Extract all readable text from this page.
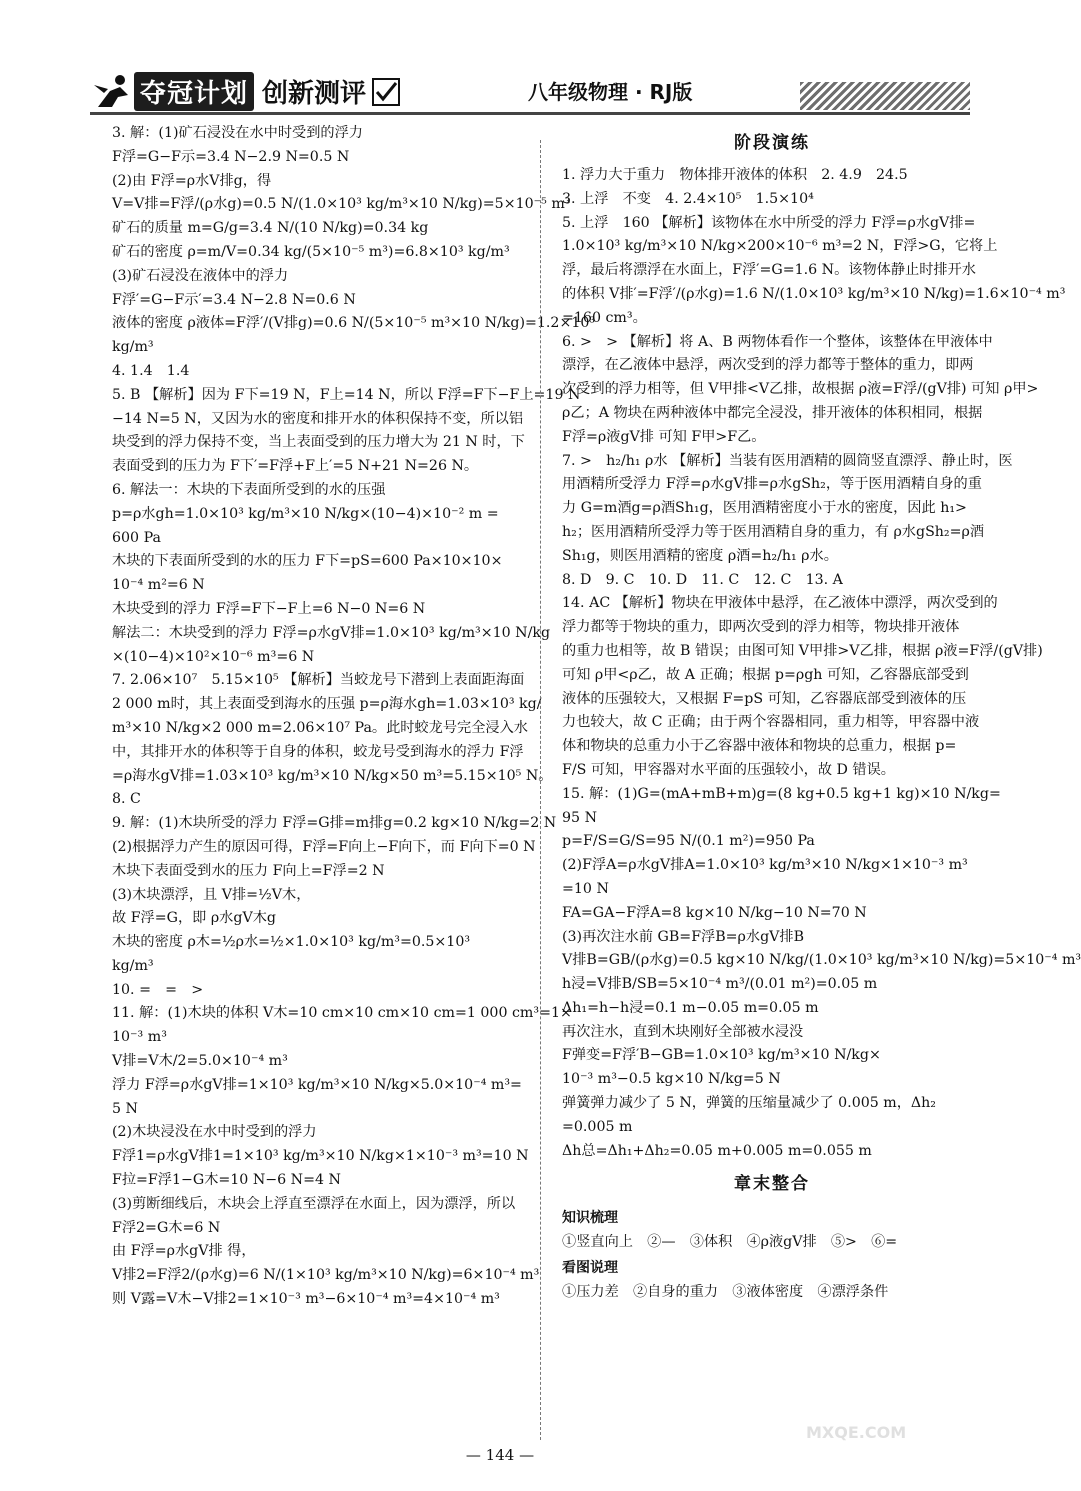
夺冠计划 创新测评	八年级物理 · RJ版
3. 解：(1)矿石浸没在水中时受到的浮力
F浮=G−F示=3.4 N−2.9 N=0.5 N
(2)由 F浮=ρ水V排g，得
V=V排=F浮/(ρ水g)=0.5 N/(1.0×10³ kg/m³×10 N/kg)=5×10⁻⁵ m³
矿石的质量 m=G/g=3.4 N/(10 N/kg)=0.34 kg
矿石的密度 ρ=m/V=0.34 kg/(5×10⁻⁵ m³)=6.8×10³ kg/m³
(3)矿石浸没在液体中的浮力
F浮′=G−F示′=3.4 N−2.8 N=0.6 N
液体的密度 ρ液体=F浮′/(V排g)=0.6 N/(5×10⁻⁵ m³×10 N/kg)=1.2×10³
kg/m³
4. 1.4　1.4
5. B 【解析】因为 F下=19 N，F上=14 N，所以 F浮=F下−F上=19 N
−14 N=5 N，又因为水的密度和排开水的体积保持不变，所以铝
块受到的浮力保持不变，当上表面受到的压力增大为 21 N 时，下
表面受到的压力为 F下′=F浮+F上′=5 N+21 N=26 N。
6. 解法一：木块的下表面所受到的水的压强
p=ρ水gh=1.0×10³ kg/m³×10 N/kg×(10−4)×10⁻² m =
600 Pa
木块的下表面所受到的水的压力 F下=pS=600 Pa×10×10×
10⁻⁴ m²=6 N
木块受到的浮力 F浮=F下−F上=6 N−0 N=6 N
解法二：木块受到的浮力 F浮=ρ水gV排=1.0×10³ kg/m³×10 N/kg
×(10−4)×10²×10⁻⁶ m³=6 N
7. 2.06×10⁷　5.15×10⁵ 【解析】当蛟龙号下潜到上表面距海面
2 000 m时，其上表面受到海水的压强 p=ρ海水gh=1.03×10³ kg/
m³×10 N/kg×2 000 m=2.06×10⁷ Pa。此时蛟龙号完全浸入水
中，其排开水的体积等于自身的体积，蛟龙号受到海水的浮力 F浮
=ρ海水gV排=1.03×10³ kg/m³×10 N/kg×50 m³=5.15×10⁵ N。
8. C
9. 解：(1)木块所受的浮力 F浮=G排=m排g=0.2 kg×10 N/kg=2 N
(2)根据浮力产生的原因可得，F浮=F向上−F向下，而 F向下=0 N
木块下表面受到水的压力 F向上=F浮=2 N
(3)木块漂浮，且 V排=½V木，
故 F浮=G，即 ρ水gV木g
木块的密度 ρ木=½ρ水=½×1.0×10³ kg/m³=0.5×10³
kg/m³
10. =　=　>
11. 解：(1)木块的体积 V木=10 cm×10 cm×10 cm=1 000 cm³=1×
10⁻³ m³
V排=V木/2=5.0×10⁻⁴ m³
浮力 F浮=ρ水gV排=1×10³ kg/m³×10 N/kg×5.0×10⁻⁴ m³=
5 N
(2)木块浸没在水中时受到的浮力
F浮1=ρ水gV排1=1×10³ kg/m³×10 N/kg×1×10⁻³ m³=10 N
F拉=F浮1−G木=10 N−6 N=4 N
(3)剪断细线后，木块会上浮直至漂浮在水面上，因为漂浮，所以
F浮2=G木=6 N
由 F浮=ρ水gV排 得，
V排2=F浮2/(ρ水g)=6 N/(1×10³ kg/m³×10 N/kg)=6×10⁻⁴ m³
则 V露=V木−V排2=1×10⁻³ m³−6×10⁻⁴ m³=4×10⁻⁴ m³
阶段演练
1. 浮力大于重力　物体排开液体的体积　2. 4.9　24.5
3. 上浮　不变　4. 2.4×10⁵　1.5×10⁴
5. 上浮　160 【解析】该物体在水中所受的浮力 F浮=ρ水gV排=
1.0×10³ kg/m³×10 N/kg×200×10⁻⁶ m³=2 N，F浮>G，它将上
浮，最后将漂浮在水面上，F浮′=G=1.6 N。该物体静止时排开水
的体积 V排′=F浮′/(ρ水g)=1.6 N/(1.0×10³ kg/m³×10 N/kg)=1.6×10⁻⁴ m³
=160 cm³。
6. >　> 【解析】将 A、B 两物体看作一个整体，该整体在甲液体中
漂浮，在乙液体中悬浮，两次受到的浮力都等于整体的重力，即两
次受到的浮力相等，但 V甲排<V乙排，故根据 ρ液=F浮/(gV排) 可知 ρ甲>
ρ乙；A 物块在两种液体中都完全浸没，排开液体的体积相同，根据
F浮=ρ液gV排 可知 F甲>F乙。
7. >　h₂/h₁ ρ水 【解析】当装有医用酒精的圆筒竖直漂浮、静止时，医
用酒精所受浮力 F浮=ρ水gV排=ρ水gSh₂，等于医用酒精自身的重
力 G=m酒g=ρ酒Sh₁g，医用酒精密度小于水的密度，因此 h₁>
h₂；医用酒精所受浮力等于医用酒精自身的重力，有 ρ水gSh₂=ρ酒
Sh₁g，则医用酒精的密度 ρ酒=h₂/h₁ ρ水。
8. D　9. C　10. D　11. C　12. C　13. A
14. AC 【解析】物块在甲液体中悬浮，在乙液体中漂浮，两次受到的
浮力都等于物块的重力，即两次受到的浮力相等，物块排开液体
的重力也相等，故 B 错误；由图可知 V甲排>V乙排，根据 ρ液=F浮/(gV排)
可知 ρ甲<ρ乙，故 A 正确；根据 p=ρgh 可知，乙容器底部受到
液体的压强较大，又根据 F=pS 可知，乙容器底部受到液体的压
力也较大，故 C 正确；由于两个容器相同，重力相等，甲容器中液
体和物块的总重力小于乙容器中液体和物块的总重力，根据 p=
F/S 可知，甲容器对水平面的压强较小，故 D 错误。
15. 解：(1)G=(mA+mB+m)g=(8 kg+0.5 kg+1 kg)×10 N/kg=
95 N
p=F/S=G/S=95 N/(0.1 m²)=950 Pa
(2)F浮A=ρ水gV排A=1.0×10³ kg/m³×10 N/kg×1×10⁻³ m³
=10 N
FA=GA−F浮A=8 kg×10 N/kg−10 N=70 N
(3)再次注水前 GB=F浮B=ρ水gV排B
V排B=GB/(ρ水g)=0.5 kg×10 N/kg/(1.0×10³ kg/m³×10 N/kg)=5×10⁻⁴ m³
h浸=V排B/SB=5×10⁻⁴ m³/(0.01 m²)=0.05 m
Δh₁=h−h浸=0.1 m−0.05 m=0.05 m
再次注水，直到木块刚好全部被水浸没
F弹变=F浮′B−GB=1.0×10³ kg/m³×10 N/kg×
10⁻³ m³−0.5 kg×10 N/kg=5 N
弹簧弹力减少了 5 N，弹簧的压缩量减少了 0.005 m，Δh₂
=0.005 m
Δh总=Δh₁+Δh₂=0.05 m+0.005 m=0.055 m
章末整合
知识梳理
①竖直向上　②—　③体积　④ρ液gV排　⑤>　⑥=
看图说理
①压力差　②自身的重力　③液体密度　④漂浮条件
— 144 —
MXQE.COM
